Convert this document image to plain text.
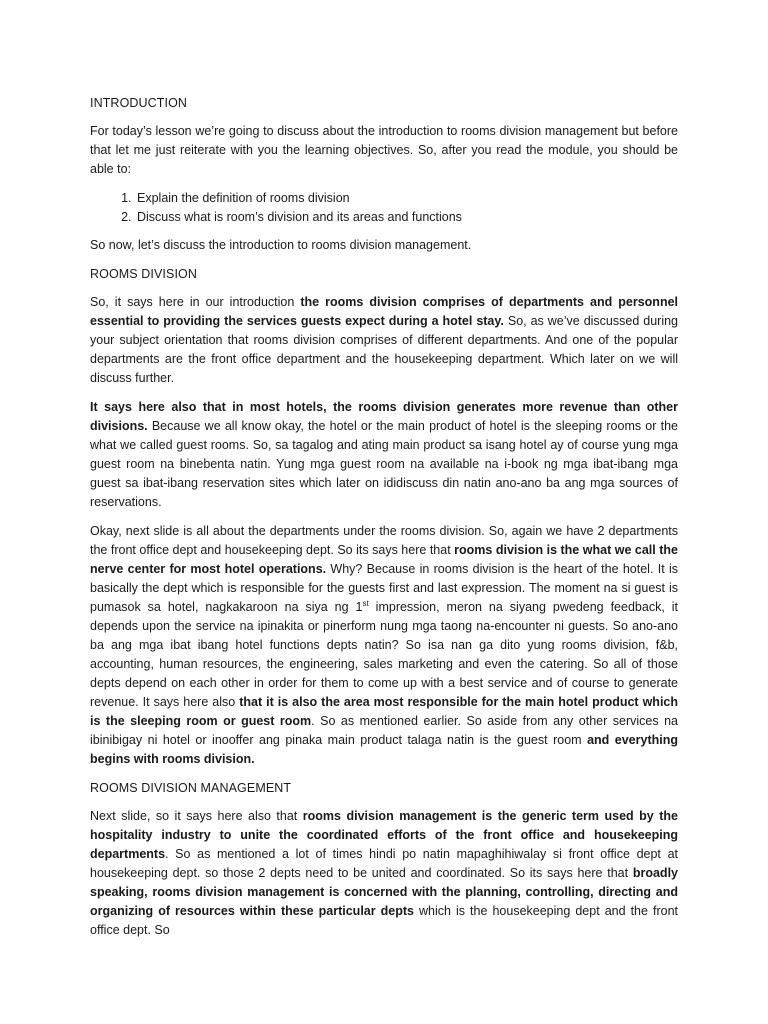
INTRODUCTION

For today’s lesson we’re going to discuss about the introduction to rooms division management but before that let me just reiterate with you the learning objectives. So, after you read the module, you should be able to:

1. Explain the definition of rooms division
2. Discuss what is room’s division and its areas and functions

So now, let’s discuss the introduction to rooms division management.

ROOMS DIVISION

So, it says here in our introduction the rooms division comprises of departments and personnel essential to providing the services guests expect during a hotel stay. So, as we’ve discussed during your subject orientation that rooms division comprises of different departments. And one of the popular departments are the front office department and the housekeeping department. Which later on we will discuss further.

It says here also that in most hotels, the rooms division generates more revenue than other divisions. Because we all know okay, the hotel or the main product of hotel is the sleeping rooms or the what we called guest rooms. So, sa tagalog and ating main product sa isang hotel ay of course yung mga guest room na binebenta natin. Yung mga guest room na available na i-book ng mga ibat-ibang mga guest sa ibat-ibang reservation sites which later on ididiscuss din natin ano-ano ba ang mga sources of reservations.

Okay, next slide is all about the departments under the rooms division. So, again we have 2 departments the front office dept and housekeeping dept. So its says here that rooms division is the what we call the nerve center for most hotel operations. Why? Because in rooms division is the heart of the hotel. It is basically the dept which is responsible for the guests first and last expression. The moment na si guest is pumasok sa hotel, nagkakaroon na siya ng 1st impression, meron na siyang pwedeng feedback, it depends upon the service na ipinakita or pinerform nung mga taong na-encounter ni guests. So ano-ano ba ang mga ibat ibang hotel functions depts natin? So isa nan ga dito yung rooms division, f&b, accounting, human resources, the engineering, sales marketing and even the catering. So all of those depts depend on each other in order for them to come up with a best service and of course to generate revenue. It says here also that it is also the area most responsible for the main hotel product which is the sleeping room or guest room. So as mentioned earlier. So aside from any other services na ibinibigay ni hotel or inooffer ang pinaka main product talaga natin is the guest room and everything begins with rooms division.

ROOMS DIVISION MANAGEMENT

Next slide, so it says here also that rooms division management is the generic term used by the hospitality industry to unite the coordinated efforts of the front office and housekeeping departments. So as mentioned a lot of times hindi po natin mapaghihiwalay si front office dept at housekeeping dept. so those 2 depts need to be united and coordinated. So its says here that broadly speaking, rooms division management is concerned with the planning, controlling, directing and organizing of resources within these particular depts which is the housekeeping dept and the front office dept. So
